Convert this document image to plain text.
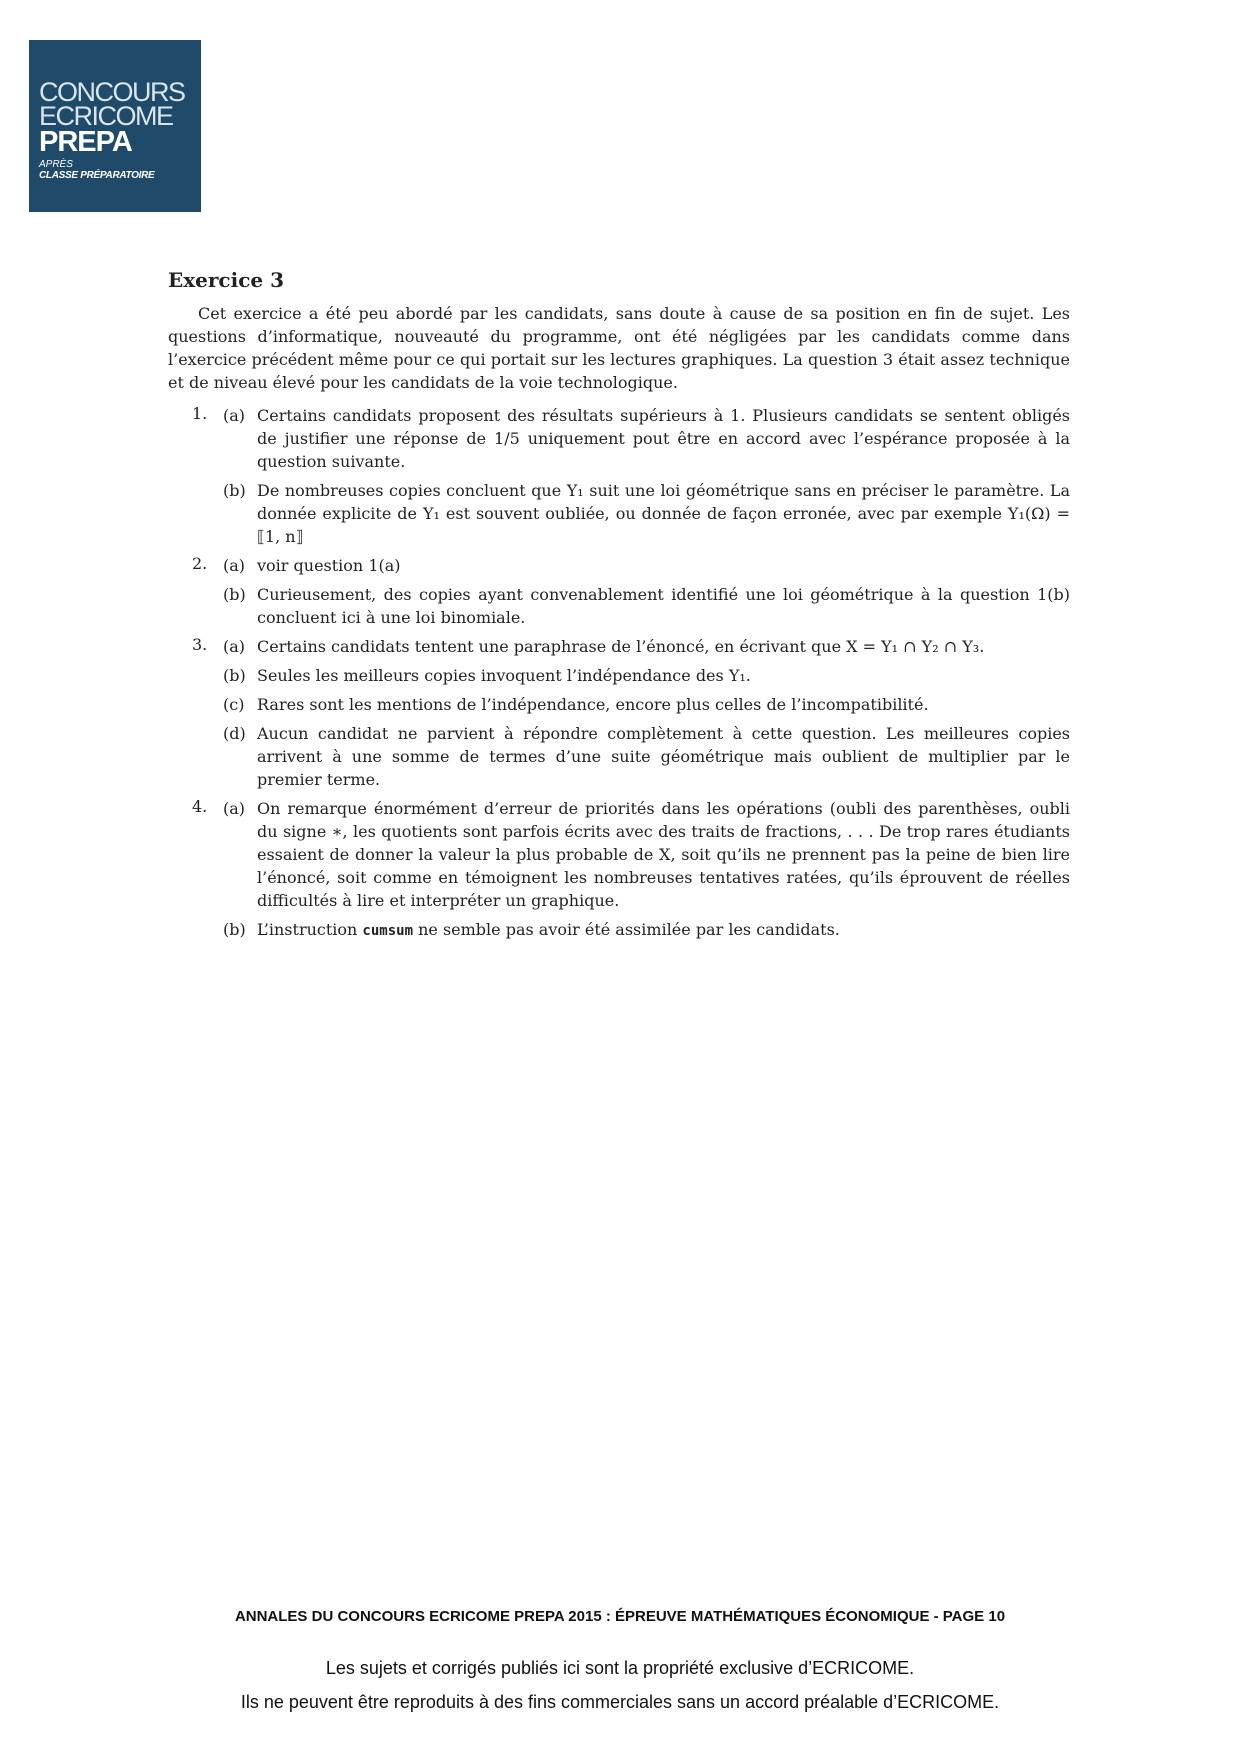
CONCOURS
ECRICOME
PREPA
APRÈS
CLASSE PRÉPARATOIRE
Exercice 3

Cet exercice a été peu abordé par les candidats, sans doute à cause de sa position en fin de sujet. Les questions d’informatique, nouveauté du programme, ont été négligées par les candidats comme dans l’exercice précédent même pour ce qui portait sur les lectures graphiques. La question 3 était assez technique et de niveau élevé pour les candidats de la voie technologique.

1. (a) Certains candidats proposent des résultats supérieurs à 1. Plusieurs candidats se sentent obligés de justifier une réponse de 1/5 uniquement pout être en accord avec l’espérance proposée à la question suivante.
(b) De nombreuses copies concluent que Y₁ suit une loi géométrique sans en préciser le paramètre. La donnée explicite de Y₁ est souvent oubliée, ou donnée de façon erronée, avec par exemple Y₁(Ω) = ⟦1, n⟧
2. (a) voir question 1(a)
(b) Curieusement, des copies ayant convenablement identifié une loi géométrique à la question 1(b) concluent ici à une loi binomiale.
3. (a) Certains candidats tentent une paraphrase de l’énoncé, en écrivant que X = Y₁ ∩ Y₂ ∩ Y₃.
(b) Seules les meilleurs copies invoquent l’indépendance des Y₁.
(c) Rares sont les mentions de l’indépendance, encore plus celles de l’incompatibilité.
(d) Aucun candidat ne parvient à répondre complètement à cette question. Les meilleures copies arrivent à une somme de termes d’une suite géométrique mais oublient de multiplier par le premier terme.
4. (a) On remarque énormément d’erreur de priorités dans les opérations (oubli des parenthèses, oubli du signe ∗, les quotients sont parfois écrits avec des traits de fractions, . . . De trop rares étudiants essaient de donner la valeur la plus probable de X, soit qu’ils ne prennent pas la peine de bien lire l’énoncé, soit comme en témoignent les nombreuses tentatives ratées, qu’ils éprouvent de réelles difficultés à lire et interpréter un graphique.
(b) L’instruction cumsum ne semble pas avoir été assimilée par les candidats.
ANNALES DU CONCOURS ECRICOME PREPA 2015 : ÉPREUVE MATHÉMATIQUES ÉCONOMIQUE - PAGE 10
Les sujets et corrigés publiés ici sont la propriété exclusive d’ECRICOME.
Ils ne peuvent être reproduits à des fins commerciales sans un accord préalable d’ECRICOME.
